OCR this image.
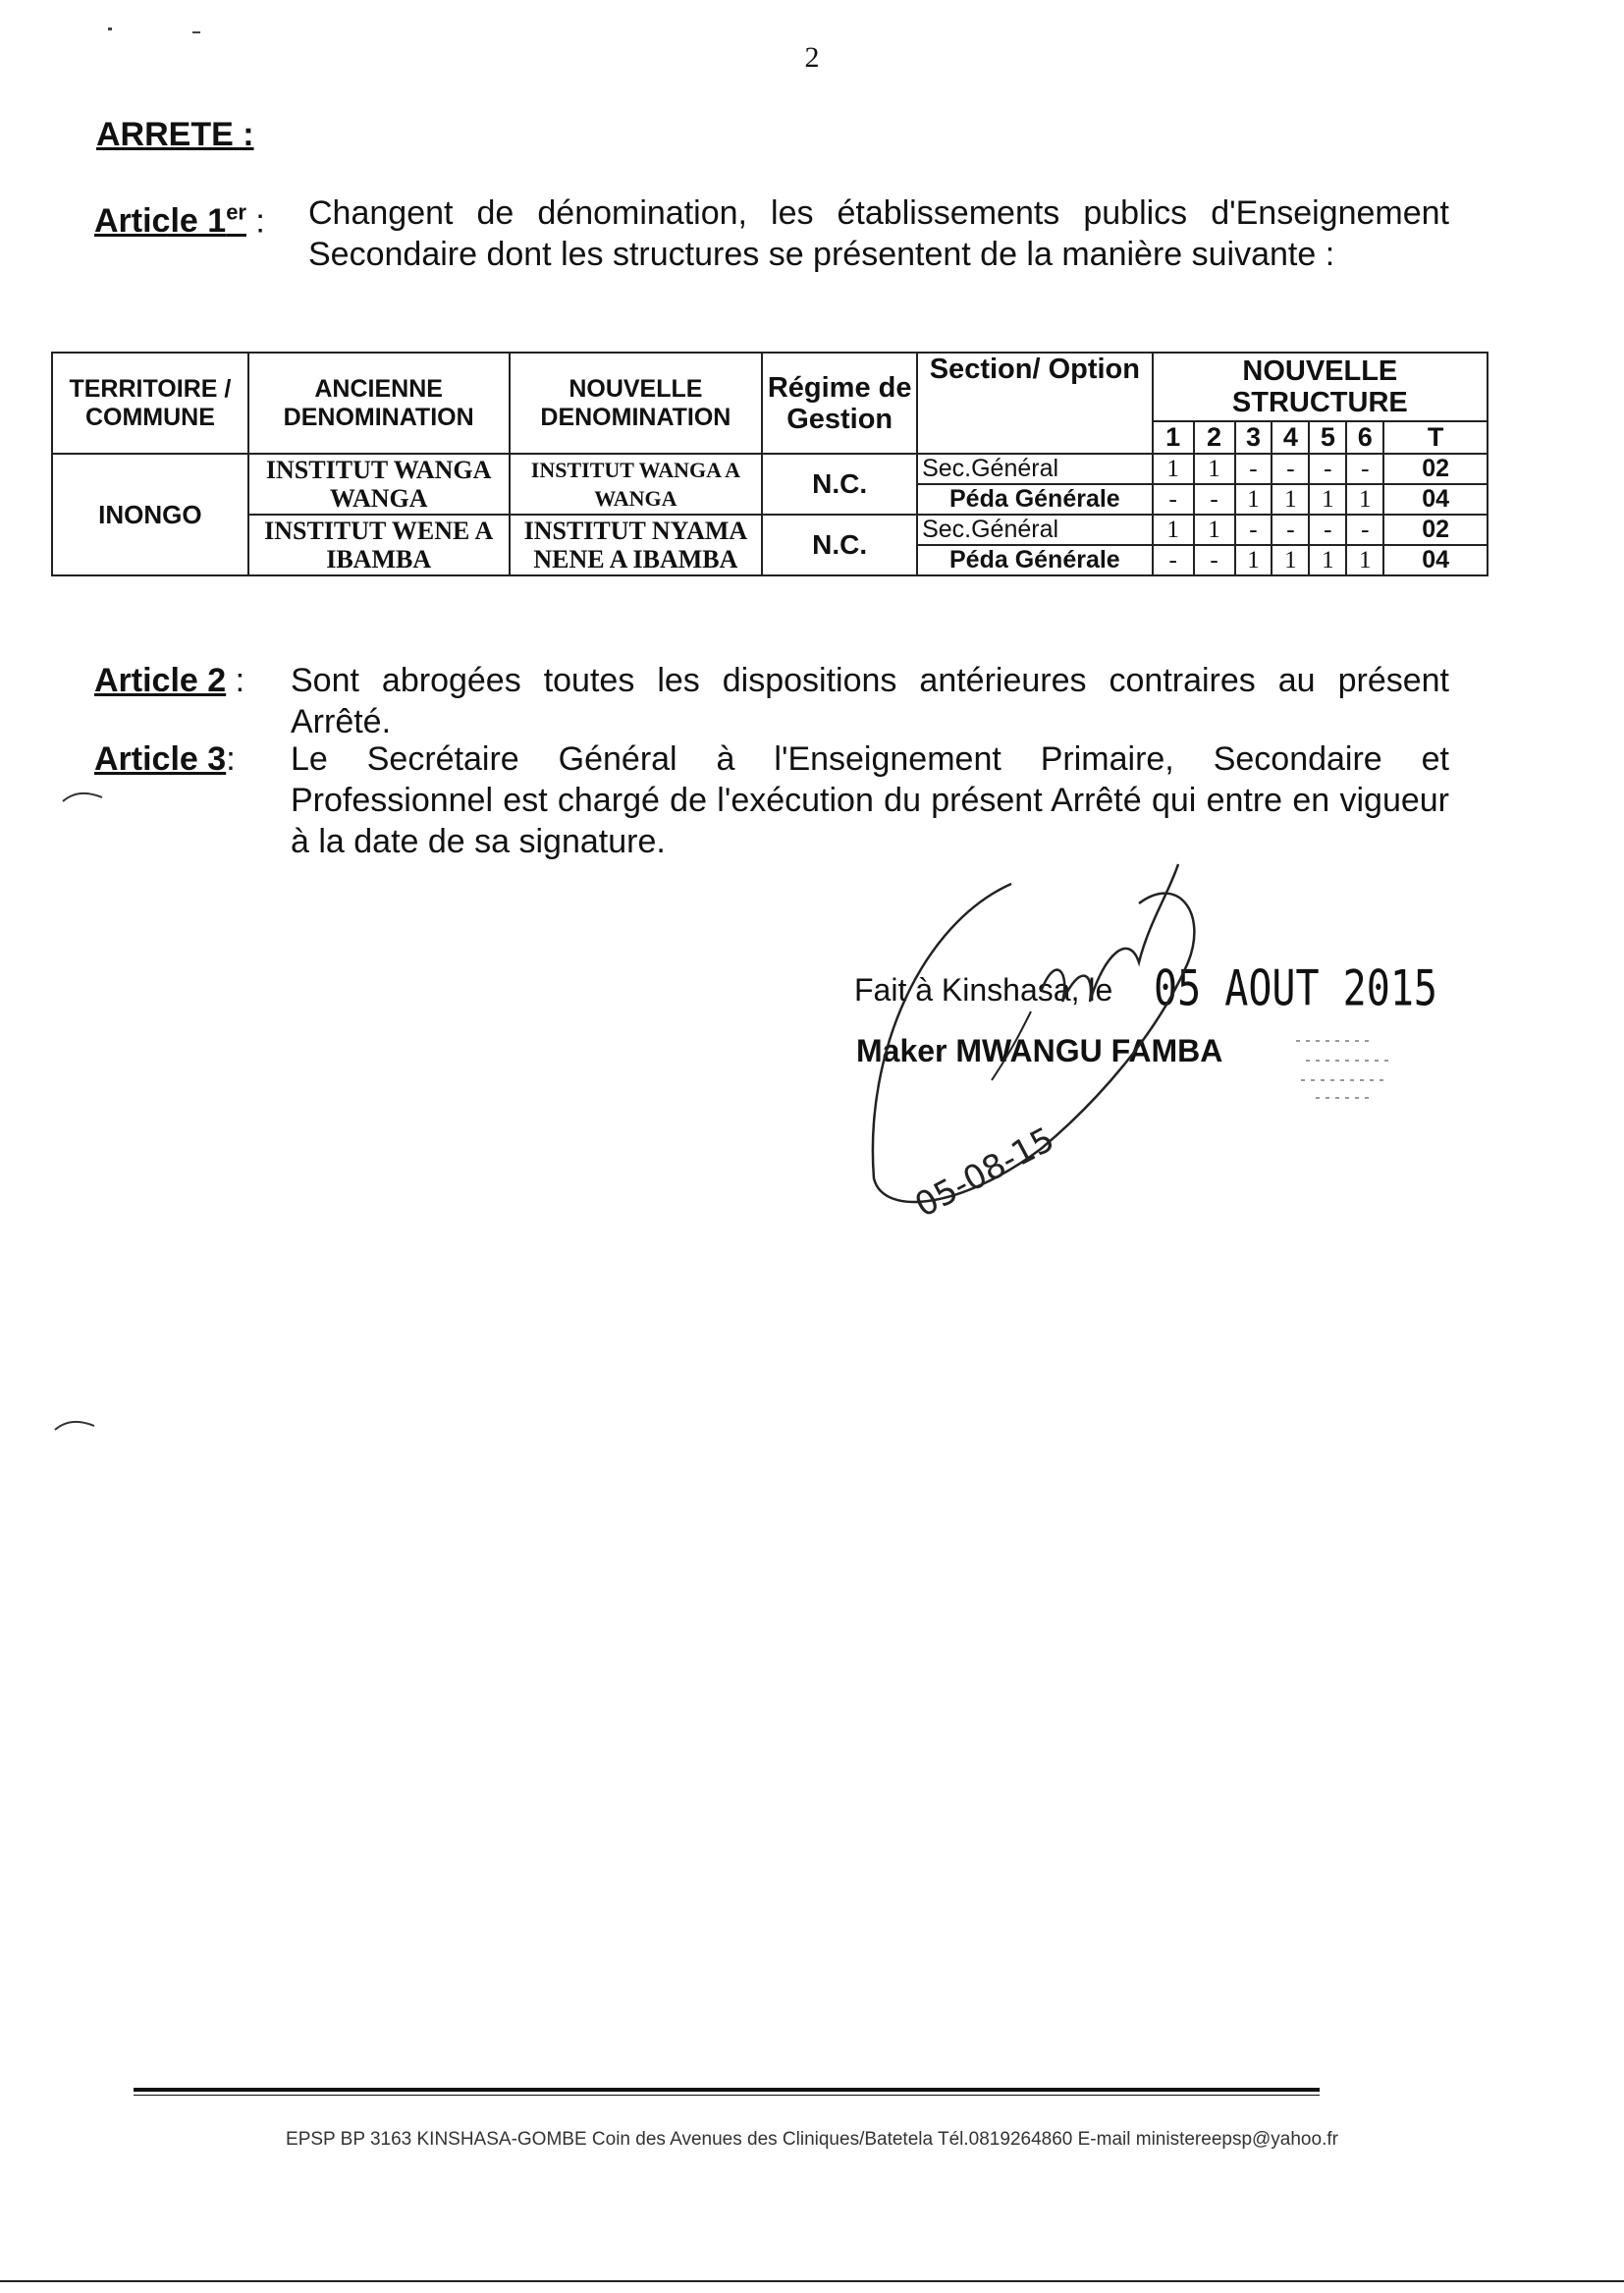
2
ARRETE :
Article 1er : Changent de dénomination, les établissements publics d'Enseignement Secondaire dont les structures se présentent de la manière suivante :
TERRITOIRE / COMMUNE	ANCIENNE DENOMINATION	NOUVELLE DENOMINATION	Régime de Gestion	Section/ Option	NOUVELLE STRUCTURE						
					1	2	3	4	5	6	T
INONGO	INSTITUT WANGA WANGA	INSTITUT WANGA A WANGA	N.C.	Sec.Général	1	1	-	-	-	-	02
				Péda Générale	-	-	1	1	1	1	04
	INSTITUT WENE A IBAMBA	INSTITUT NYAMA NENE A IBAMBA	N.C.	Sec.Général	1	1	-	-	-	-	02
				Péda Générale	-	-	1	1	1	1	04
Article 2 : Sont abrogées toutes les dispositions antérieures contraires au présent Arrêté.
Article 3: Le Secrétaire Général à l'Enseignement Primaire, Secondaire et Professionnel est chargé de l'exécution du présent Arrêté qui entre en vigueur à la date de sa signature.
Fait à Kinshasa, le 05 AOUT 2015
Maker MWANGU FAMBA
05-08-15
EPSP BP 3163 KINSHASA-GOMBE Coin des Avenues des Cliniques/Batetela Tél.0819264860 E-mail ministereepsp@yahoo.fr
